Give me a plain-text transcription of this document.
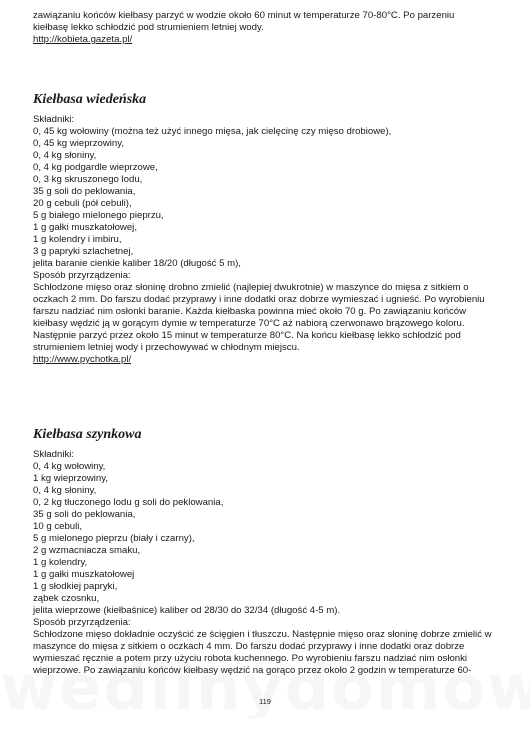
zawiązaniu końców kiełbasy parzyć w wodzie około 60 minut w temperaturze 70-80°C. Po parzeniu

kiełbasę lekko schłodzić pod strumieniem letniej wody.

http://kobieta.gazeta.pl/

Kiełbasa wiedeńska

Składniki:

0, 45 kg wołowiny (można też użyć innego mięsa, jak cielęcinę czy mięso drobiowe),

0, 45 kg wieprzowiny,

0, 4 kg słoniny,

0, 4 kg podgardle wieprzowe,

0, 3 kg skruszonego lodu,

35 g soli do peklowania,

20 g cebuli (pół cebuli),

5 g białego mielonego pieprzu,

1 g gałki muszkatołowej,

1 g kolendry i imbiru,

3 g papryki szlachetnej,

jelita baranie cienkie kaliber 18/20 (długość 5 m),

Sposób przyrządzenia:

Schłodzone mięso oraz słoninę drobno zmielić (najlepiej dwukrotnie) w maszynce do mięsa z sitkiem o

oczkach 2 mm. Do farszu dodać przyprawy i inne dodatki oraz dobrze wymieszać i ugnieść. Po wyrobieniu

farszu nadziać nim osłonki baranie. Każda kiełbaska powinna mieć około 70 g. Po zawiązaniu końców

kiełbasy wędzić ją w gorącym dymie w temperaturze 70°C aż nabiorą czerwonawo brązowego koloru.

Następnie parzyć przez około 15 minut w temperaturze 80°C. Na końcu kiełbasę lekko schłodzić pod

strumieniem letniej wody i przechowywać w chłodnym miejscu.

http://www.pychotka.pl/

Kiełbasa szynkowa

Składniki:

0, 4 kg wołowiny,

1 kg wieprzowiny,

0, 4 kg słoniny,

0, 2 kg tłuczonego lodu g soli do peklowania,

35 g soli do peklowania,

10 g cebuli,

5 g mielonego pieprzu (biały i czarny),

2 g wzmacniacza smaku,

1 g kolendry,

1 g gałki muszkatołowej

1 g słodkiej papryki,

ząbek czosnku,

jelita wieprzowe (kiełbaśnice) kaliber od 28/30 do 32/34 (długość 4-5 m).

Sposób przyrządzenia:

Schłodzone mięso dokładnie oczyścić ze ścięgien i tłuszczu. Następnie mięso oraz słoninę dobrze zmielić w

maszynce do mięsa z sitkiem o oczkach 4 mm. Do farszu dodać przyprawy i inne dodatki oraz dobrze

wymieszać ręcznie a potem przy użyciu robota kuchennego. Po wyrobieniu farszu nadziać nim osłonki

wieprzowe. Po zawiązaniu końców kiełbasy wędzić na gorąco przez około 2 godzin w temperaturze 60-

119
